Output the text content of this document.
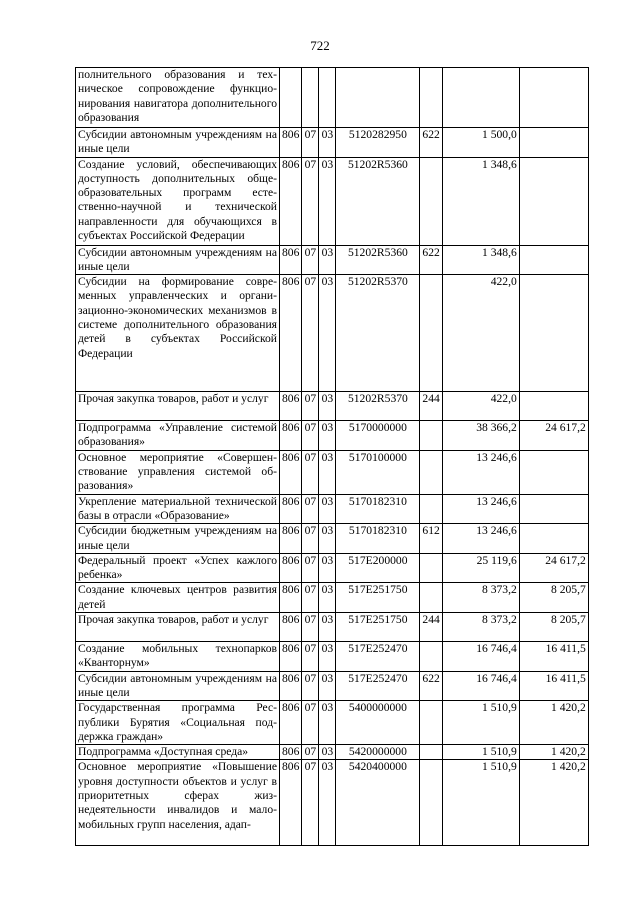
722
полнительного образования и техническое сопровождение функционирования навигатора дополнительного образования							
Субсидии автономным учреждениям на иные цели	806	07	03	5120282950	622	1 500,0	
Создание условий, обеспечивающих доступность дополнительных общеобразовательных программ естественно-научной и технической направленности для обучающихся в субъектах Российской Федерации	806	07	03	51202R5360		1 348,6	
Субсидии автономным учреждениям на иные цели	806	07	03	51202R5360	622	1 348,6	
Субсидии на формирование современных управленческих и организационно-экономических механизмов в системе дополнительного образования детей в субъектах Российской Федерации	806	07	03	51202R5370		422,0	
Прочая закупка товаров, работ и услуг	806	07	03	51202R5370	244	422,0	
Подпрограмма «Управление системой образования»	806	07	03	5170000000		38 366,2	24 617,2
Основное мероприятие «Совершенствование управления системой образования»	806	07	03	5170100000		13 246,6	
Укрепление материальной технической базы в отрасли «Образование»	806	07	03	5170182310		13 246,6	
Субсидии бюджетным учреждениям на иные цели	806	07	03	5170182310	612	13 246,6	
Федеральный проект «Успех кажлого ребенка»	806	07	03	517E200000		25 119,6	24 617,2
Создание ключевых центров развития детей	806	07	03	517E251750		8 373,2	8 205,7
Прочая закупка товаров, работ и услуг	806	07	03	517E251750	244	8 373,2	8 205,7
Создание мобильных технопарков «Кванторнум»	806	07	03	517E252470		16 746,4	16 411,5
Субсидии автономным учреждениям на иные цели	806	07	03	517E252470	622	16 746,4	16 411,5
Государственная программа Республики Бурятия «Социальная поддержка граждан»	806	07	03	5400000000		1 510,9	1 420,2
Подпрограмма «Доступная среда»	806	07	03	5420000000		1 510,9	1 420,2
Основное мероприятие «Повышение уровня доступности объектов и услуг в приоритетных сферах жизнедеятельности инвалидов и маломобильных групп населения, адап-	806	07	03	5420400000		1 510,9	1 420,2
